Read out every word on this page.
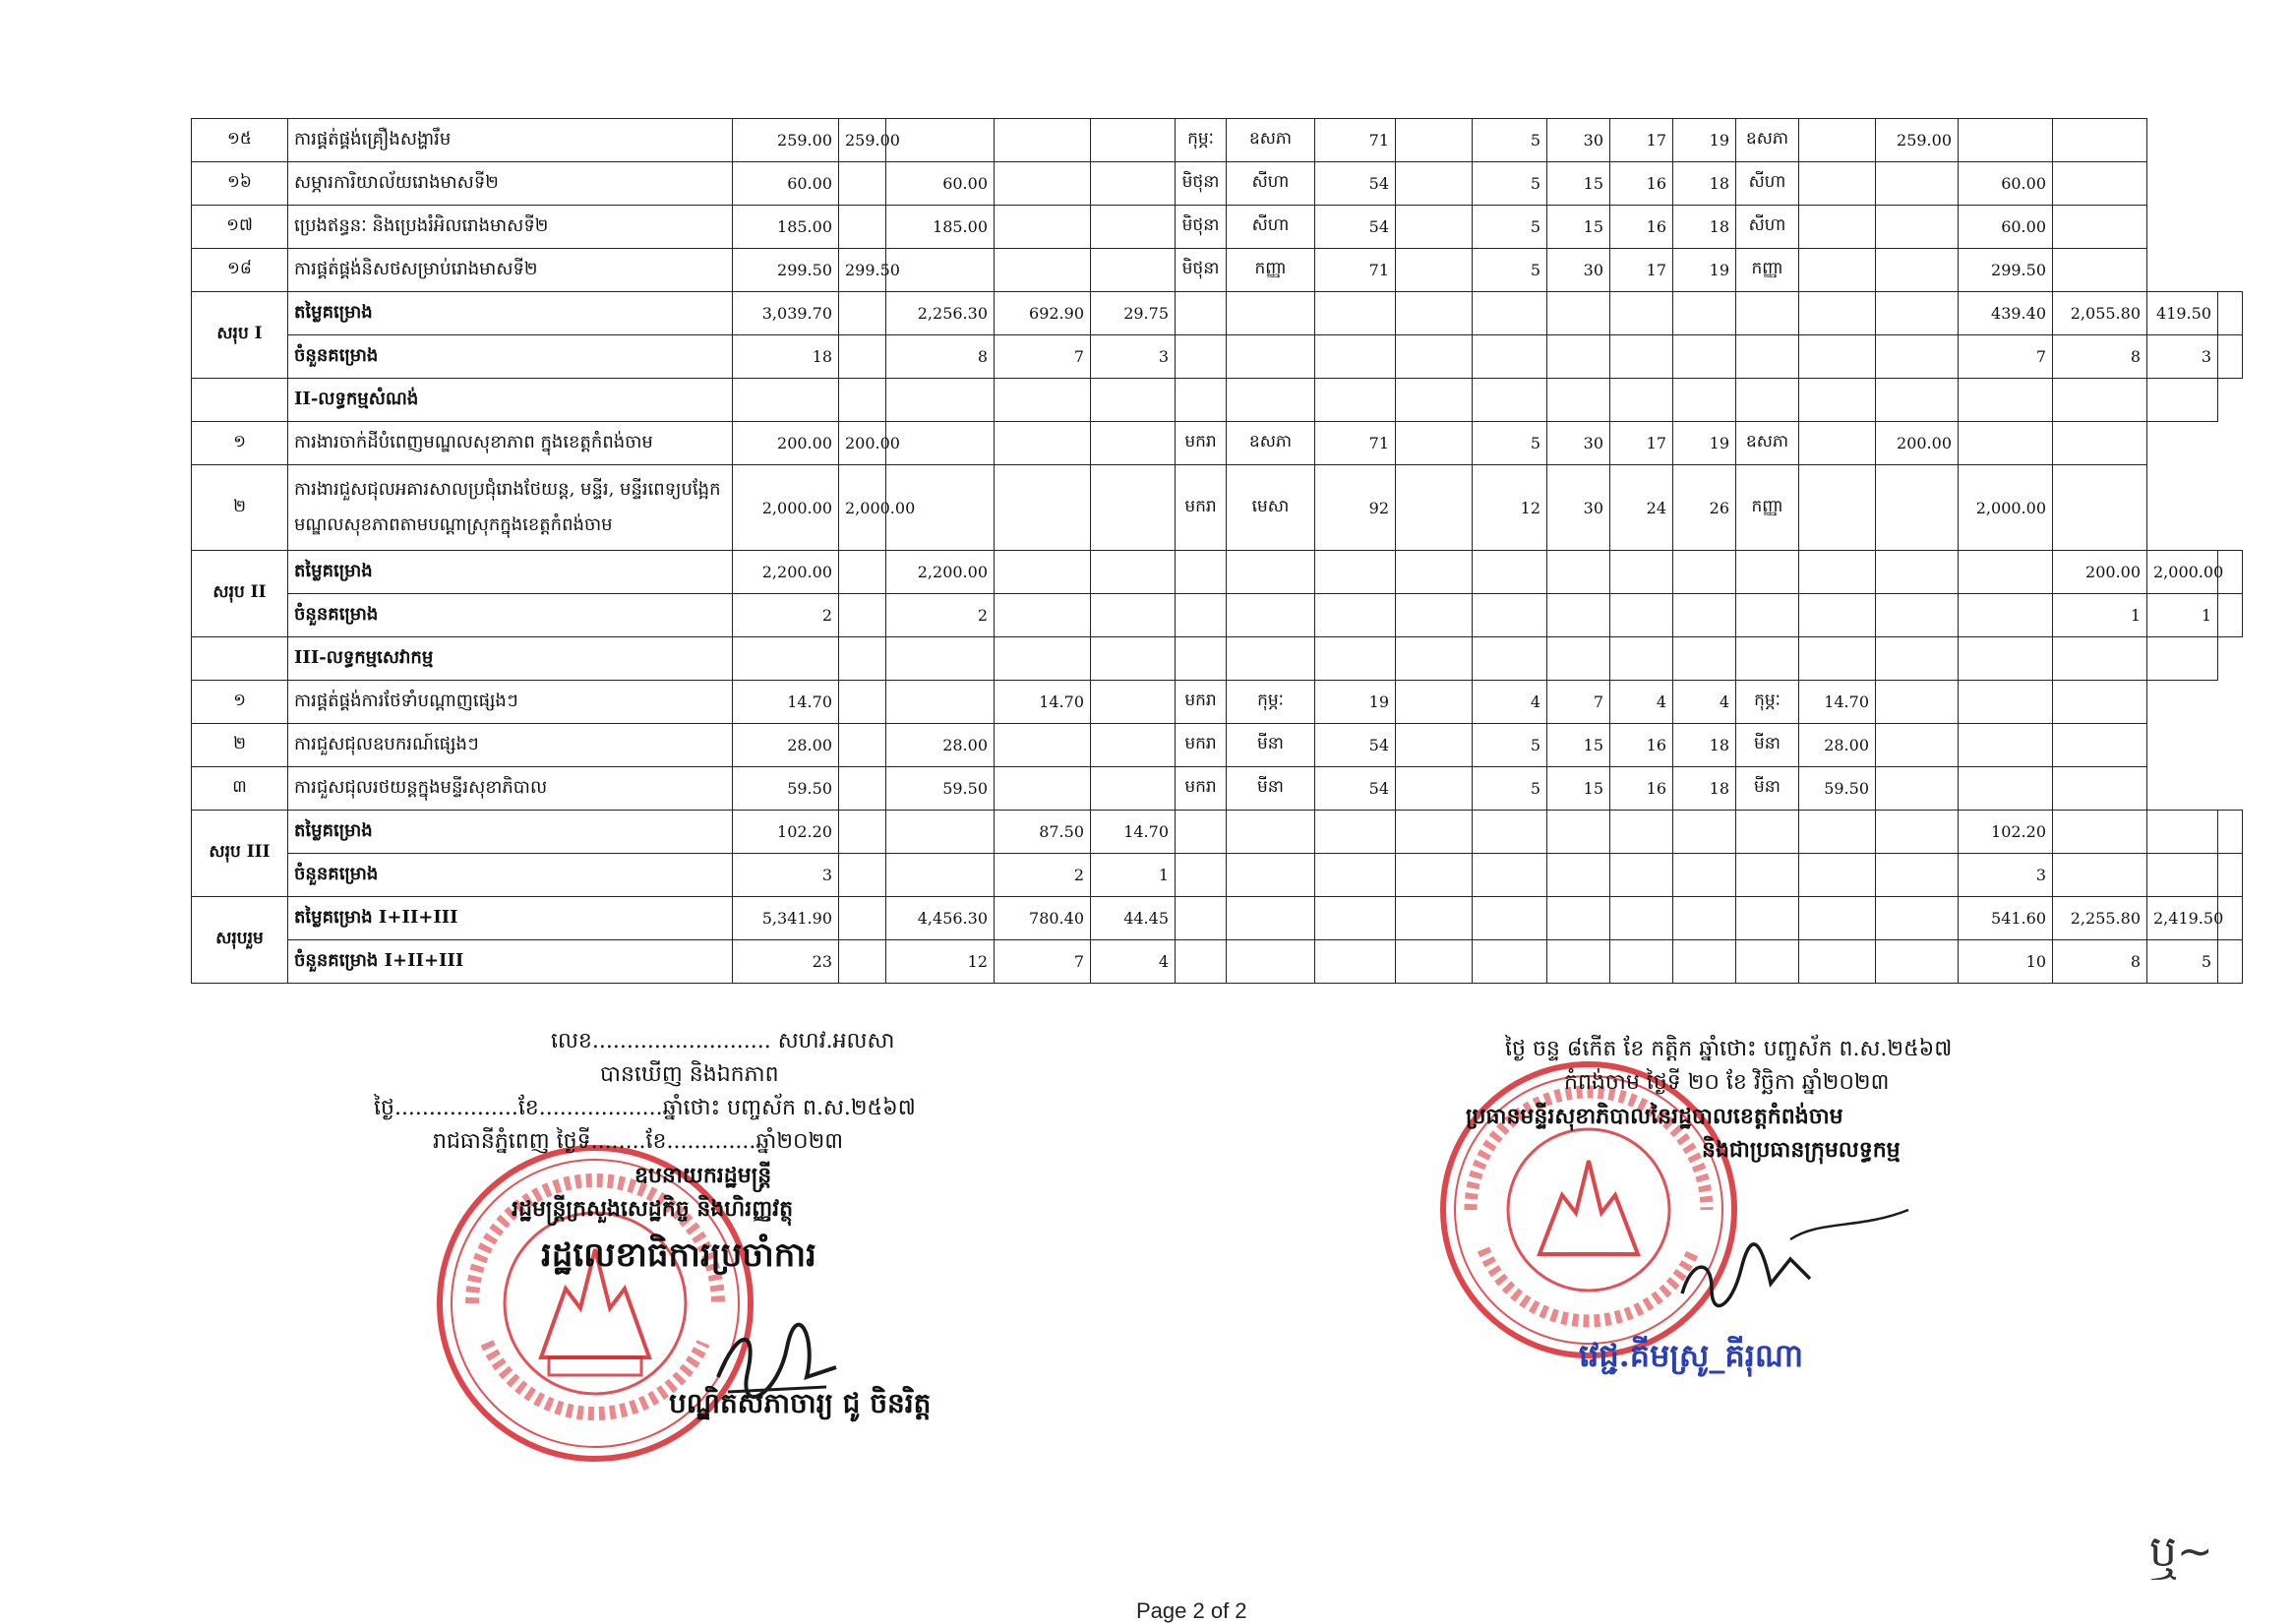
១៥	ការផ្គត់ផ្គង់គ្រឿងសង្ហារឹម	259.00	259.00				កុម្ភៈ	ឧសភា	71		5	30	17	19	ឧសភា		259.00				
១៦	សម្ភារការិយាល័យរោងមាសទី២	60.00		60.00			មិថុនា	សីហា	54		5	15	16	18	សីហា			60.00			
១៧	ប្រេងឥន្ធនៈ និងប្រេងរំអិលរោងមាសទី២	185.00		185.00			មិថុនា	សីហា	54		5	15	16	18	សីហា			60.00			
១៨	ការផ្គត់ផ្គង់និសថសម្រាប់រោងមាសទី២	299.50	299.50				មិថុនា	កញ្ញា	71		5	30	17	19	កញ្ញា			299.50			
សរុប I	តម្លៃគម្រោង	3,039.70		2,256.30	692.90	29.75												439.40	2,055.80	419.50	
	ចំនួនគម្រោង	18		8	7	3												7	8	3	
	II-លទ្ធកម្មសំណង់																				
១	ការងារចាក់ដីបំពេញមណ្ឌលសុខាភាព ក្នុងខេត្តកំពង់ចាម	200.00	200.00				មករា	ឧសភា	71		5	30	17	19	ឧសភា		200.00				
២	ការងារជួសជុលអគារសាលប្រជុំរោងថែយន្ត, មន្ទីរ, មន្ទីរពេទ្យបង្អែក មណ្ឌលសុខភាពតាមបណ្តាស្រុកក្នុងខេត្តកំពង់ចាម	2,000.00	2,000.00				មករា	មេសា	92		12	30	24	26	កញ្ញា			2,000.00			
សរុប II	តម្លៃគម្រោង	2,200.00		2,200.00															200.00	2,000.00	
	ចំនួនគម្រោង	2		2															1	1	
	III-លទ្ធកម្មសេវាកម្ម																				
១	ការផ្គត់ផ្គង់ការថែទាំបណ្តាញផ្សេងៗ	14.70			14.70		មករា	កុម្ភៈ	19		4	7	4	4	កុម្ភៈ	14.70					
២	ការជួសជុលឧបករណ៍ផ្សេងៗ	28.00		28.00			មករា	មីនា	54		5	15	16	18	មីនា	28.00					
៣	ការជួសជុលរថយន្តក្នុងមន្ទីរសុខាភិបាល	59.50		59.50			មករា	មីនា	54		5	15	16	18	មីនា	59.50					
សរុប III	តម្លៃគម្រោង	102.20			87.50	14.70												102.20			
	ចំនួនគម្រោង	3			2	1												3			
សរុបរួម	តម្លៃគម្រោង I+II+III	5,341.90		4,456.30	780.40	44.45												541.60	2,255.80	2,419.50	
	ចំនួនគម្រោង I+II+III	23		12	7	4												10	8	5	
លេខ.......................... សហវ.អលសា
បានឃើញ និងឯកភាព
ថ្ងៃ..................ខែ..................ឆ្នាំថោះ បញ្ចស័ក ព.ស.២៥៦៧
រាជធានីភ្នំពេញ ថ្ងៃទី........ខែ.............ឆ្នាំ២០២៣
ឧបនាយករដ្ឋមន្ត្រី
រដ្ឋមន្ត្រីក្រសួងសេដ្ឋកិច្ច និងហិរញ្ញវត្ថុ
រដ្ឋលេខាធិការប្រចាំការ
បណ្ឌិតសភាចារ្យ ជូ ចិនរិត្ត
ថ្ងៃ ចន្ទ ៨កើត ខែ កត្តិក ឆ្នាំថោះ បញ្ចស័ក ព.ស.២៥៦៧
កំពង់ចាម ថ្ងៃទី ២០ ខែ វិច្ឆិកា ឆ្នាំ២០២៣
ប្រធានមន្ទីរសុខាភិបាលនៃរដ្ឋបាលខេត្តកំពង់ចាម
និងជាប្រធានក្រុមលទ្ធកម្ម
វេជ្ជ.គីមស្រូ_គីរុណា
Page 2 of 2
ឬ~
